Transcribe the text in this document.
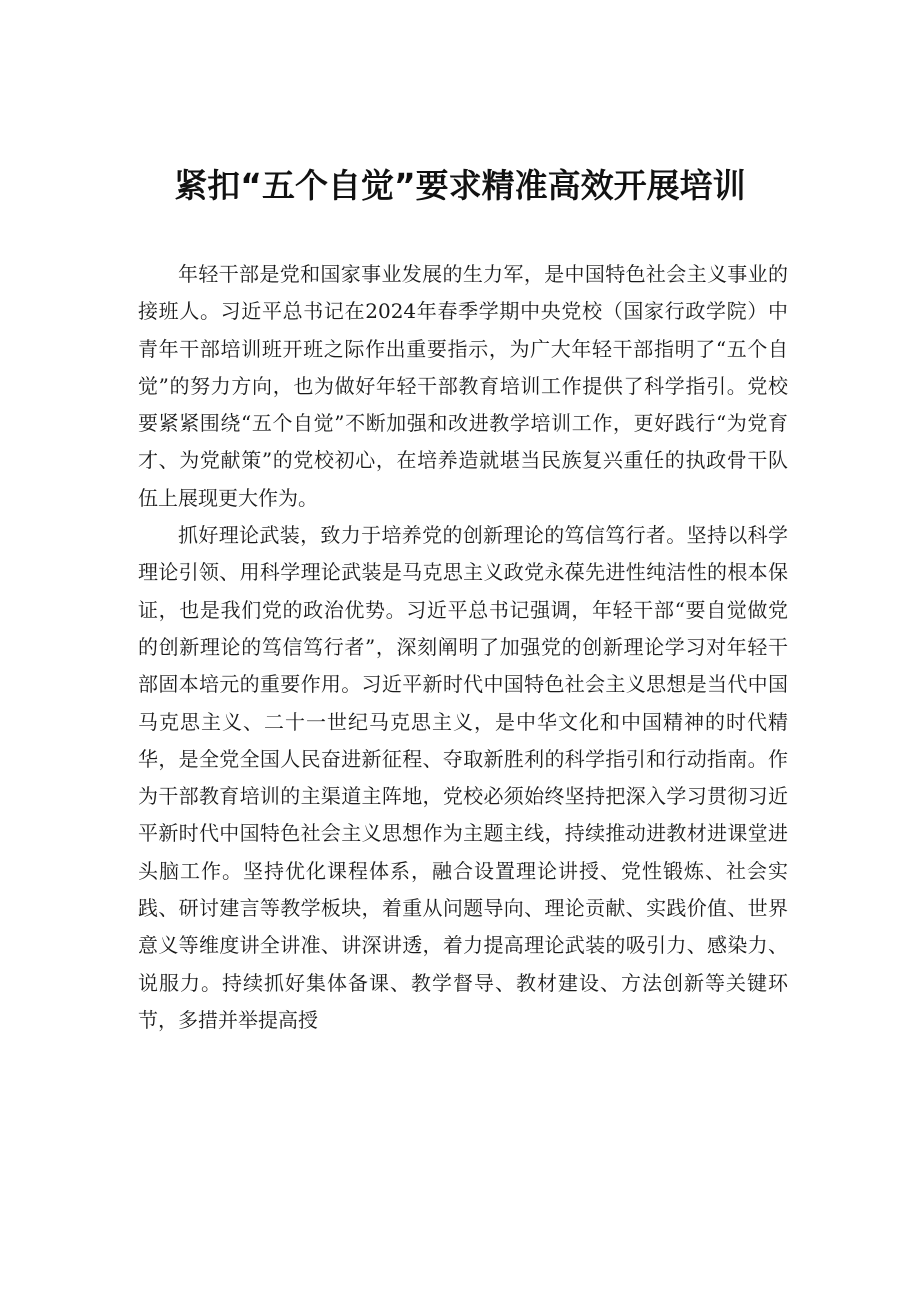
紧扣“五个自觉”要求精准高效开展培训

年轻干部是党和国家事业发展的生力军，是中国特色社会主义事业的接班人。习近平总书记在2024年春季学期中央党校（国家行政学院）中青年干部培训班开班之际作出重要指示，为广大年轻干部指明了“五个自觉”的努力方向，也为做好年轻干部教育培训工作提供了科学指引。党校要紧紧围绕“五个自觉”不断加强和改进教学培训工作，更好践行“为党育才、为党献策”的党校初心，在培养造就堪当民族复兴重任的执政骨干队伍上展现更大作为。

抓好理论武装，致力于培养党的创新理论的笃信笃行者。坚持以科学理论引领、用科学理论武装是马克思主义政党永葆先进性纯洁性的根本保证，也是我们党的政治优势。习近平总书记强调，年轻干部“要自觉做党的创新理论的笃信笃行者”，深刻阐明了加强党的创新理论学习对年轻干部固本培元的重要作用。习近平新时代中国特色社会主义思想是当代中国马克思主义、二十一世纪马克思主义，是中华文化和中国精神的时代精华，是全党全国人民奋进新征程、夺取新胜利的科学指引和行动指南。作为干部教育培训的主渠道主阵地，党校必须始终坚持把深入学习贯彻习近平新时代中国特色社会主义思想作为主题主线，持续推动进教材进课堂进头脑工作。坚持优化课程体系，融合设置理论讲授、党性锻炼、社会实践、研讨建言等教学板块，着重从问题导向、理论贡献、实践价值、世界意义等维度讲全讲准、讲深讲透，着力提高理论武装的吸引力、感染力、说服力。持续抓好集体备课、教学督导、教材建设、方法创新等关键环节，多措并举提高授
